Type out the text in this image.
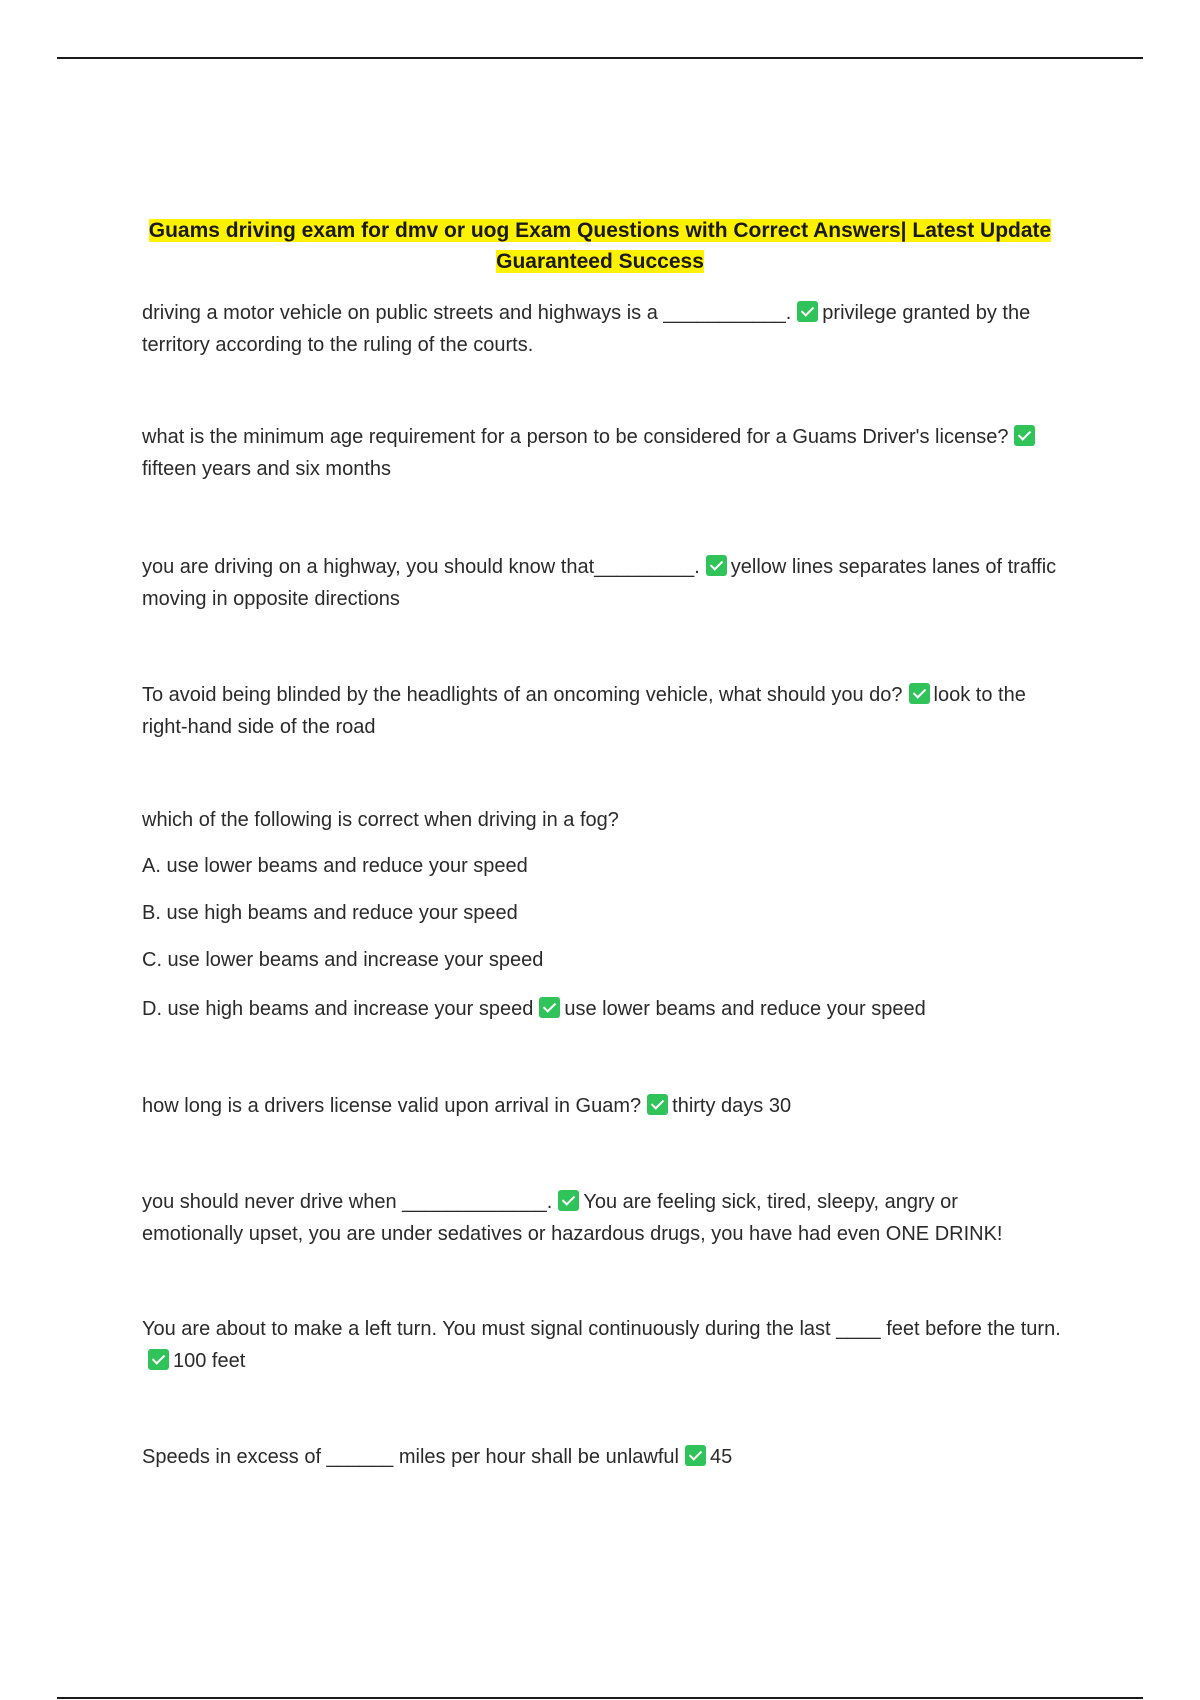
Guams driving exam for dmv or uog Exam Questions with Correct Answers| Latest Update Guaranteed Success
driving a motor vehicle on public streets and highways is a ___________. privilege granted by the territory according to the ruling of the courts.
what is the minimum age requirement for a person to be considered for a Guams Driver's license?fifteen years and six months
you are driving on a highway, you should know that_________. yellow lines separates lanes of traffic moving in opposite directions
To avoid being blinded by the headlights of an oncoming vehicle, what should you do? look to the right-hand side of the road
which of the following is correct when driving in a fog?
A. use lower beams and reduce your speed
B. use high beams and reduce your speed
C. use lower beams and increase your speed
D. use high beams and increase your speed use lower beams and reduce your speed
how long is a drivers license valid upon arrival in Guam? thirty days 30
you should never drive when _____________. You are feeling sick, tired, sleepy, angry or emotionally upset, you are under sedatives or hazardous drugs, you have had even ONE DRINK!
You are about to make a left turn. You must signal continuously during the last ____ feet before the turn.100 feet
Speeds in excess of ______ miles per hour shall be unlawful 45
